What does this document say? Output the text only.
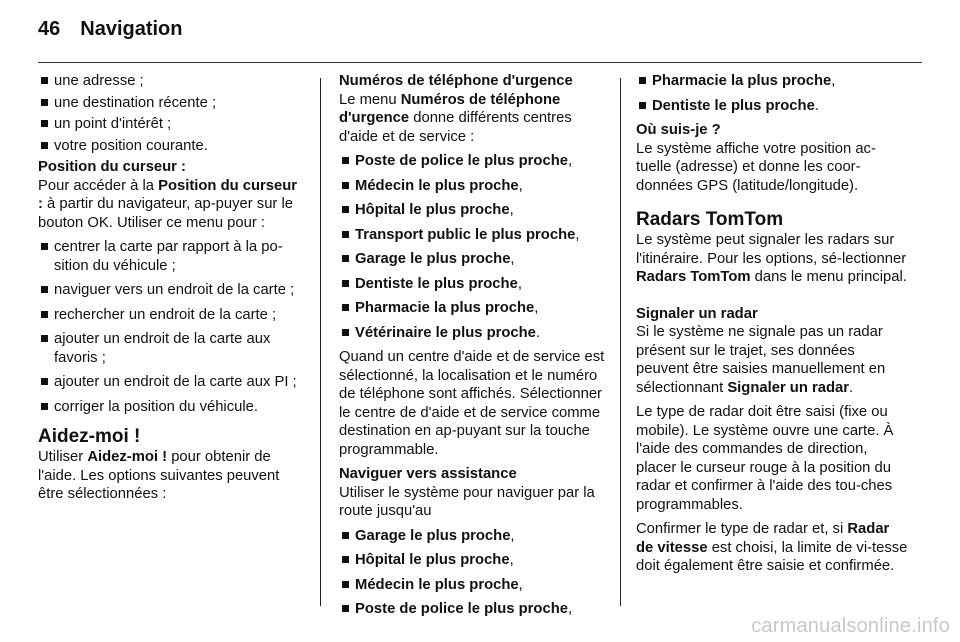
46 Navigation
une adresse ;
une destination récente ;
un point d'intérêt ;
votre position courante.
Position du curseur :

Pour accéder à la Position du curseur : à partir du navigateur, ap-puyer sur le bouton OK. Utiliser ce menu pour :

centrer la carte par rapport à la po-sition du véhicule ;
naviguer vers un endroit de la carte ;
rechercher un endroit de la carte ;
ajouter un endroit de la carte aux favoris ;
ajouter un endroit de la carte aux PI ;
corriger la position du véhicule.
Aidez-moi !

Utiliser Aidez-moi ! pour obtenir de l'aide. Les options suivantes peuvent être sélectionnées :

Numéros de téléphone d'urgence

Le menu Numéros de téléphone d'urgence donne différents centres d'aide et de service :

Poste de police le plus proche,
Médecin le plus proche,
Hôpital le plus proche,
Transport public le plus proche,
Garage le plus proche,
Dentiste le plus proche,
Pharmacie la plus proche,
Vétérinaire le plus proche.

Quand un centre d'aide et de service est sélectionné, la localisation et le numéro de téléphone sont affichés. Sélectionner le centre de d'aide et de service comme destination en ap-puyant sur la touche programmable.

Naviguer vers assistance

Utiliser le système pour naviguer par la route jusqu'au

Garage le plus proche,
Hôpital le plus proche,
Médecin le plus proche,
Poste de police le plus proche,
Pharmacie la plus proche,
Dentiste le plus proche.
Où suis-je ?

Le système affiche votre position ac-tuelle (adresse) et donne les coor-données GPS (latitude/longitude).

Radars TomTom

Le système peut signaler les radars sur l'itinéraire. Pour les options, sé-lectionner Radars TomTom dans le menu principal.

Signaler un radar

Si le système ne signale pas un radar présent sur le trajet, ses données peuvent être saisies manuellement en sélectionnant Signaler un radar.

Le type de radar doit être saisi (fixe ou mobile). Le système ouvre une carte. À l'aide des commandes de direction, placer le curseur rouge à la position du radar et confirmer à l'aide des tou-ches programmables.

Confirmer le type de radar et, si Radar de vitesse est choisi, la limite de vi-tesse doit également être saisie et confirmée.

carmanualsonline.info
